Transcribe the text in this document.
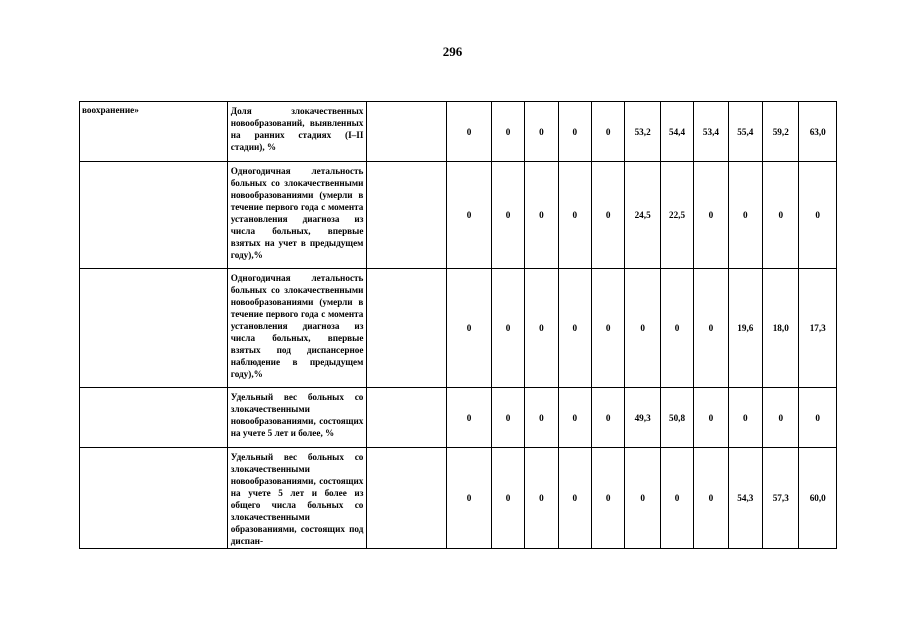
296
воохранение»	Доля злокачественных новообразований, выявленных на ранних стадиях (I–II стадии), %		0	0	0	0	0	53,2	54,4	53,4	55,4	59,2	63,0
	Одногодичная летальность больных со злокачественными новообразованиями (умерли в течение первого года с момента установления диагноза из числа больных, впервые взятых на учет в предыдущем году),%		0	0	0	0	0	24,5	22,5	0	0	0	0
	Одногодичная летальность больных со злокачественными новообразованиями (умерли в течение первого года с момента установления диагноза из числа больных, впервые взятых под диспансерное наблюдение в предыдущем году),%		0	0	0	0	0	0	0	0	19,6	18,0	17,3
	Удельный вес больных со злокачественными новообразованиями, состоящих на учете 5 лет и более, %		0	0	0	0	0	49,3	50,8	0	0	0	0
	Удельный вес больных со злокачественными новообразованиями, состоящих на учете 5 лет и более из общего числа больных со злокачественными образованиями, состоящих под диспан-		0	0	0	0	0	0	0	0	54,3	57,3	60,0
